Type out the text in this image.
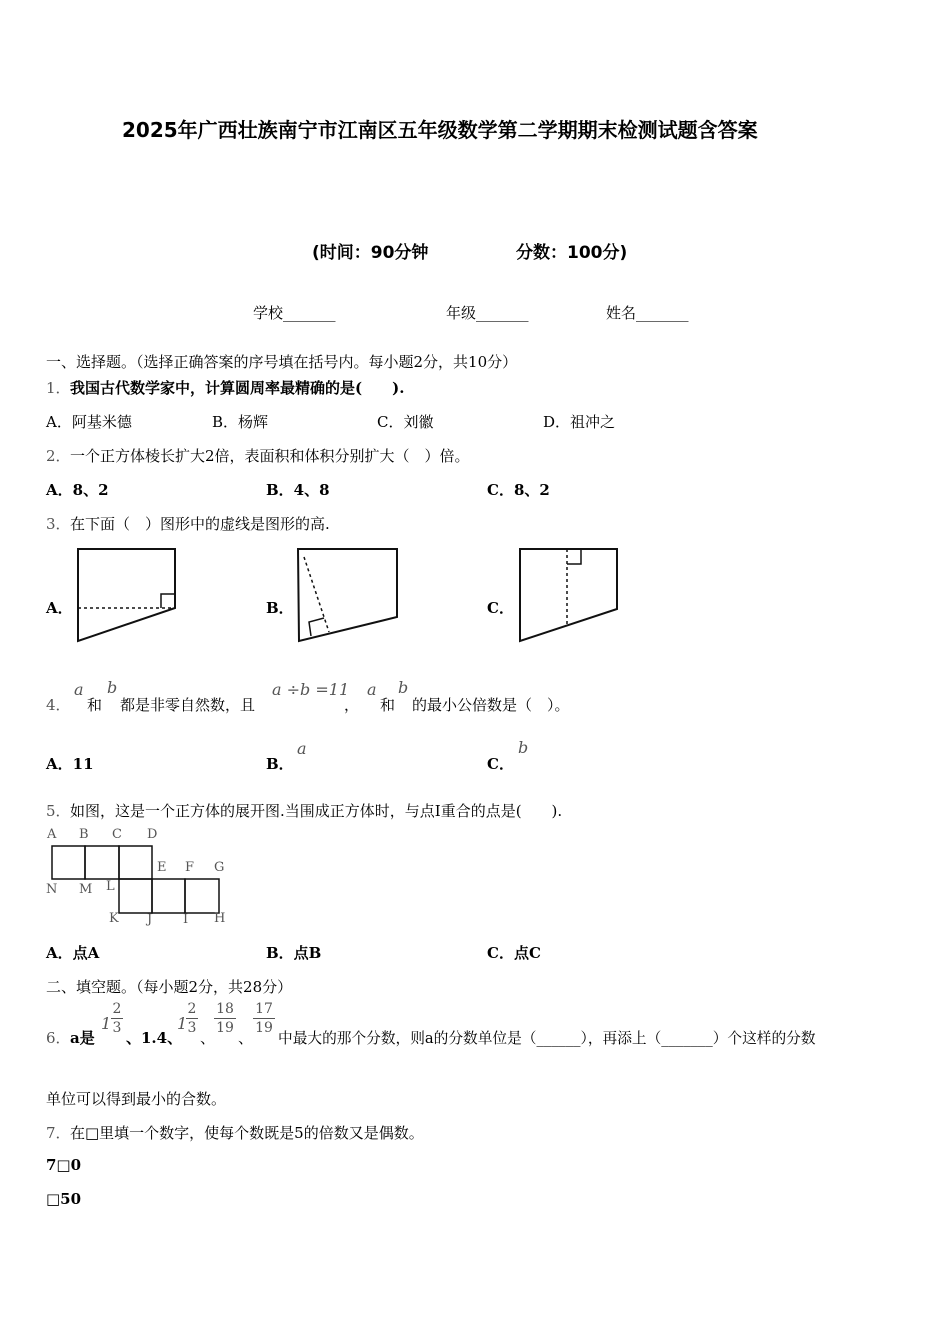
2025年广西壮族南宁市江南区五年级数学第二学期期末检测试题含答案
(时间：90分钟	分数：100分)
学校_______	年级_______	姓名_______
一、选择题。（选择正确答案的序号填在括号内。每小题2分，共10分）
1． 我国古代数学家中，计算圆周率最精确的是(　　).
A．阿基米德	B．杨辉	C．刘徽	D．祖冲之
2． 一个正方体棱长扩大2倍，表面积和体积分别扩大（　）倍。
A．8、2	B．4、8	C．8、2
3． 在下面（　）图形中的虚线是图形的高.
A．	B．	C．
4．
a
和
b
都是非零自然数，且
a ÷b =11
，
a
和
b
的最小公倍数是（　）。
A．11	B．
a
C．
b
5． 如图，这是一个正方体的展开图.当围成正方体时，与点I重合的点是(　　).
A B C D
E F G
N M L
K J I H
A．点A	B．点B	C．点C
二、填空题。（每小题2分，共28分）
6． a是
$1 \frac{2}{3}$
、1.4、
1
$\frac{2}{3}$
、
$\frac{18}{19}$
、
$\frac{17}{19}$
中最大的那个分数，则a的分数单位是（______），再添上（_______）个这样的分数
单位可以得到最小的合数。
7． 在□里填一个数字，使每个数既是5的倍数又是偶数。
7□0
□50
